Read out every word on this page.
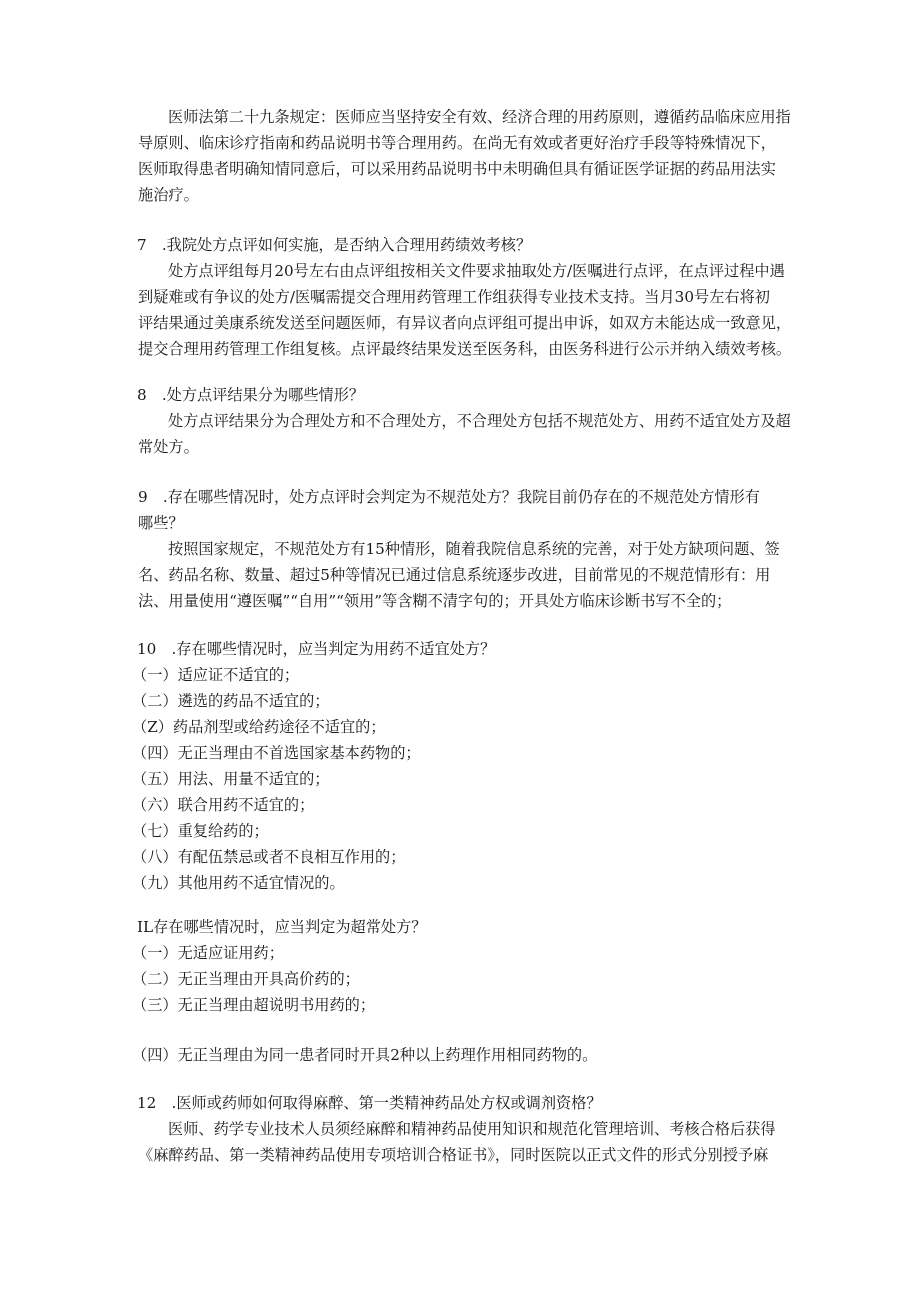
医师法第二十九条规定：医师应当坚持安全有效、经济合理的用药原则，遵循药品临床应用指
导原则、临床诊疗指南和药品说明书等合理用药。在尚无有效或者更好治疗手段等特殊情况下，
医师取得患者明确知情同意后，可以采用药品说明书中未明确但具有循证医学证据的药品用法实
施治疗。

7　.我院处方点评如何实施，是否纳入合理用药绩效考核？

处方点评组每月20号左右由点评组按相关文件要求抽取处方/医嘱进行点评，在点评过程中遇
到疑难或有争议的处方/医嘱需提交合理用药管理工作组获得专业技术支持。当月30号左右将初
评结果通过美康系统发送至问题医师，有异议者向点评组可提出申诉，如双方未能达成一致意见，
提交合理用药管理工作组复核。点评最终结果发送至医务科，由医务科进行公示并纳入绩效考核。

8　.处方点评结果分为哪些情形？

处方点评结果分为合理处方和不合理处方，不合理处方包括不规范处方、用药不适宜处方及超
常处方。
9　.存在哪些情况时，处方点评时会判定为不规范处方？我院目前仍存在的不规范处方情形有
哪些？
按照国家规定，不规范处方有15种情形，随着我院信息系统的完善，对于处方缺项问题、签
名、药品名称、数量、超过5种等情况已通过信息系统逐步改进，目前常见的不规范情形有：用
法、用量使用“遵医嘱”“自用”“领用”等含糊不清字句的；开具处方临床诊断书写不全的；

10　.存在哪些情况时，应当判定为用药不适宜处方？

（一）适应证不适宜的；

（二）遴选的药品不适宜的；

（Z）药品剂型或给药途径不适宜的；

（四）无正当理由不首选国家基本药物的；

（五）用法、用量不适宜的；

（六）联合用药不适宜的；

（七）重复给药的；

（八）有配伍禁忌或者不良相互作用的；

（九）其他用药不适宜情况的。

IL存在哪些情况时，应当判定为超常处方？

（一）无适应证用药；

（二）无正当理由开具高价药的；

（三）无正当理由超说明书用药的；

（四）无正当理由为同一患者同时开具2种以上药理作用相同药物的。

12　.医师或药师如何取得麻醉、第一类精神药品处方权或调剂资格？

医师、药学专业技术人员须经麻醉和精神药品使用知识和规范化管理培训、考核合格后获得
《麻醉药品、第一类精神药品使用专项培训合格证书》，同时医院以正式文件的形式分别授予麻
